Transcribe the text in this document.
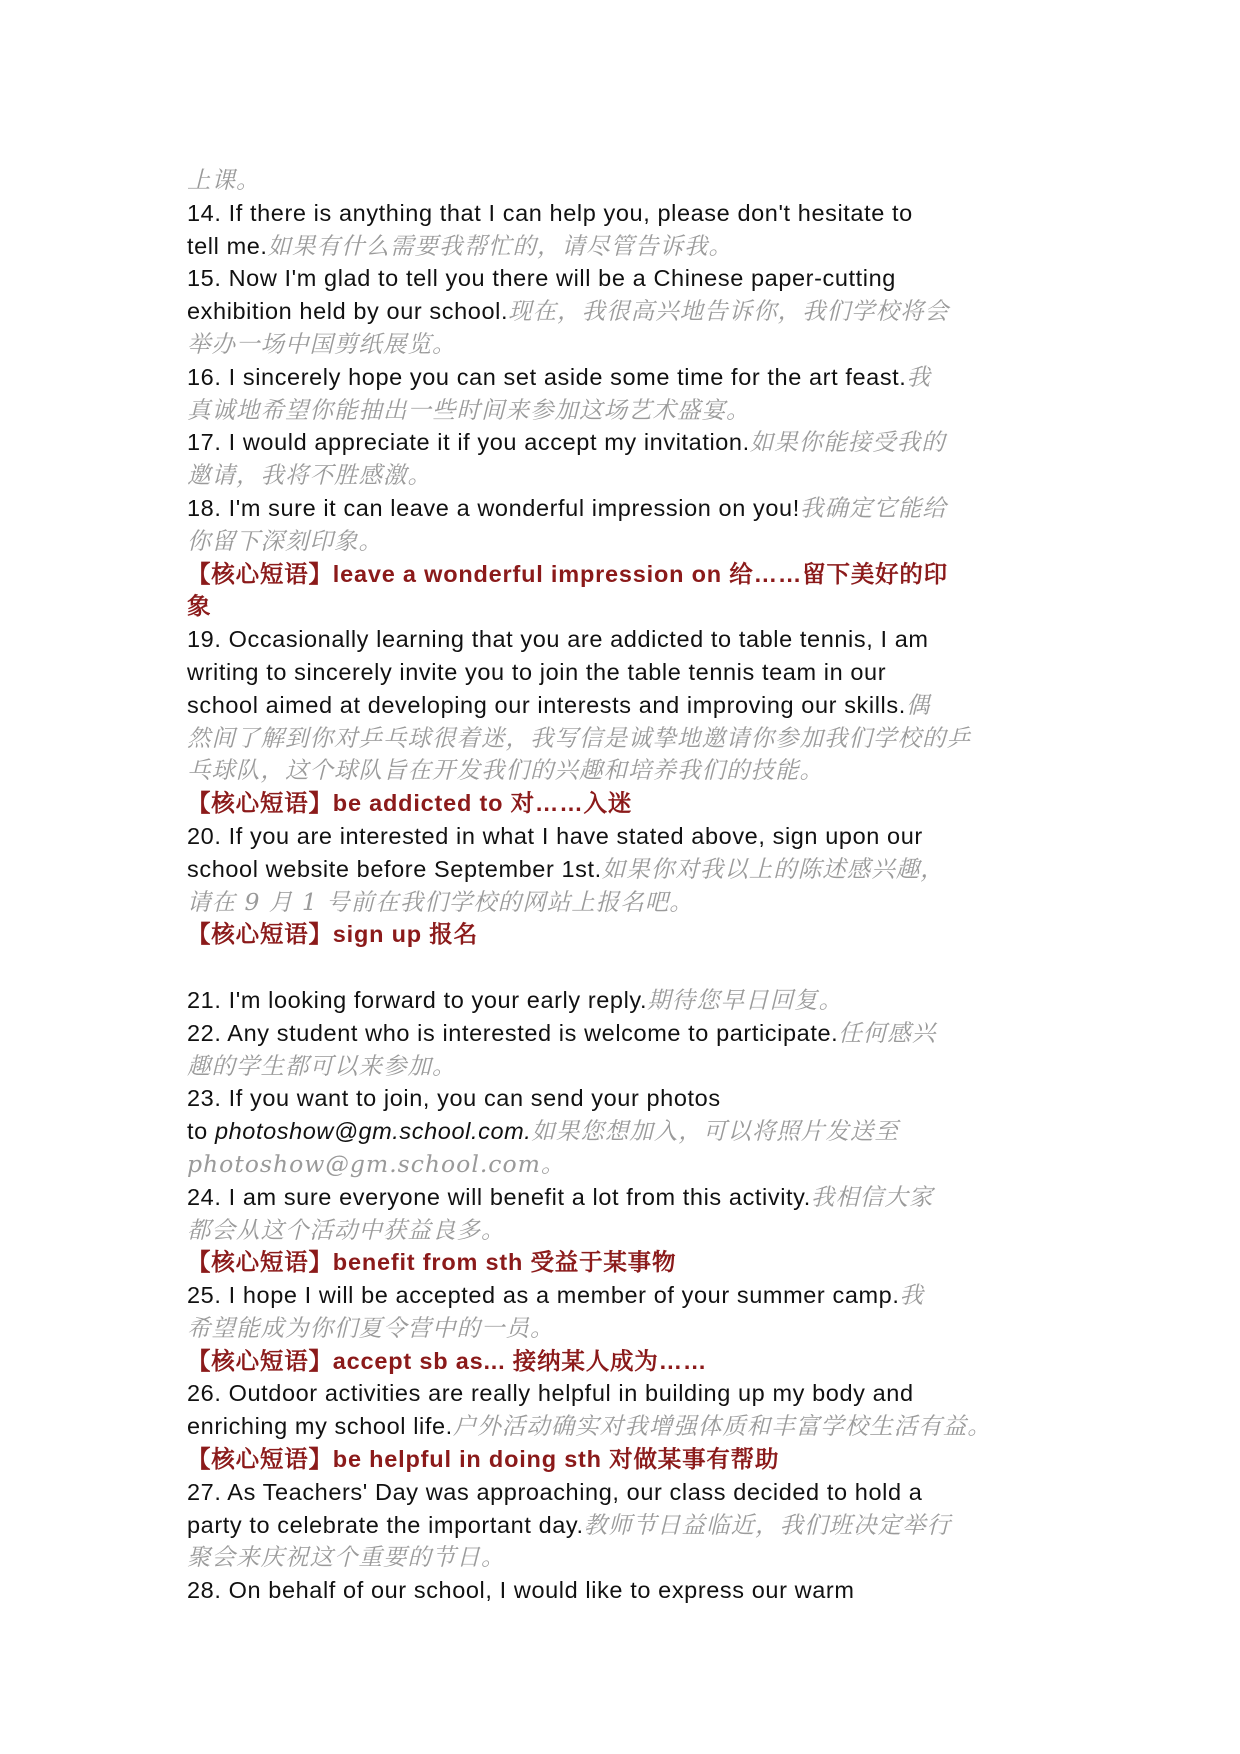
上课。
14. If there is anything that I can help you, please don't hesitate to
tell me.如果有什么需要我帮忙的，请尽管告诉我。
15. Now I'm glad to tell you there will be a Chinese paper-cutting
exhibition held by our school.现在，我很高兴地告诉你，我们学校将会
举办一场中国剪纸展览。
16. I sincerely hope you can set aside some time for the art feast.我
真诚地希望你能抽出一些时间来参加这场艺术盛宴。
17. I would appreciate it if you accept my invitation.如果你能接受我的
邀请，我将不胜感激。
18. I'm sure it can leave a wonderful impression on you!我确定它能给
你留下深刻印象。
【核心短语】leave a wonderful impression on 给……留下美好的印
象
19. Occasionally learning that you are addicted to table tennis, I am
writing to sincerely invite you to join the table tennis team in our
school aimed at developing our interests and improving our skills.偶
然间了解到你对乒乓球很着迷，我写信是诚挚地邀请你参加我们学校的乒
乓球队，这个球队旨在开发我们的兴趣和培养我们的技能。
【核心短语】be addicted to 对……入迷
20. If you are interested in what I have stated above, sign upon our
school website before September 1st.如果你对我以上的陈述感兴趣，
请在 9 月 1 号前在我们学校的网站上报名吧。
【核心短语】sign up 报名
21. I'm looking forward to your early reply.期待您早日回复。
22. Any student who is interested is welcome to participate.任何感兴
趣的学生都可以来参加。
23. If you want to join, you can send your photos
to photoshow@gm.school.com.如果您想加入，可以将照片发送至
photoshow@gm.school.com。
24. I am sure everyone will benefit a lot from this activity.我相信大家
都会从这个活动中获益良多。
【核心短语】benefit from sth 受益于某事物
25. I hope I will be accepted as a member of your summer camp.我
希望能成为你们夏令营中的一员。
【核心短语】accept sb as... 接纳某人成为……
26. Outdoor activities are really helpful in building up my body and
enriching my school life.户外活动确实对我增强体质和丰富学校生活有益。
【核心短语】be helpful in doing sth 对做某事有帮助
27. As Teachers' Day was approaching, our class decided to hold a
party to celebrate the important day.教师节日益临近，我们班决定举行
聚会来庆祝这个重要的节日。
28. On behalf of our school, I would like to express our warm
